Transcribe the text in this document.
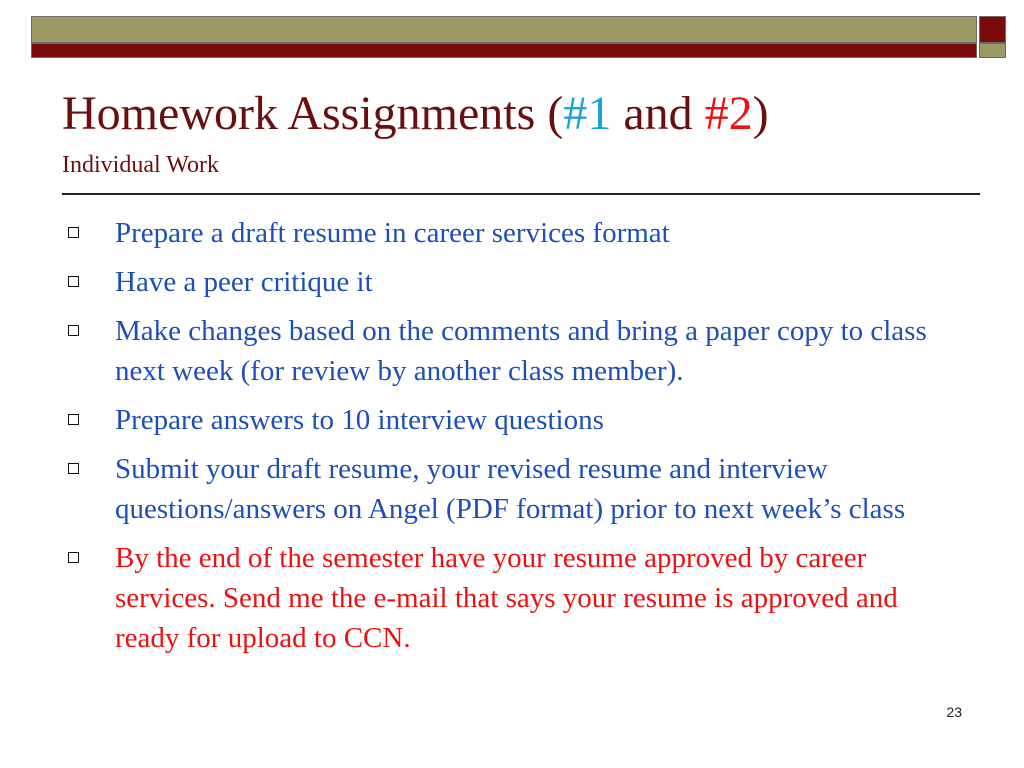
Homework Assignments (#1 and #2)
Individual Work
Prepare a draft resume in career services format
Have a peer critique it
Make changes based on the comments and bring a paper copy to class next week (for review by another class member).
Prepare answers to 10 interview questions
Submit your draft resume, your revised resume and interview questions/answers on Angel (PDF format) prior to next week’s class
By the end of the semester have your resume approved by career services. Send me the e-mail that says your resume is approved and ready for upload to CCN.
23
